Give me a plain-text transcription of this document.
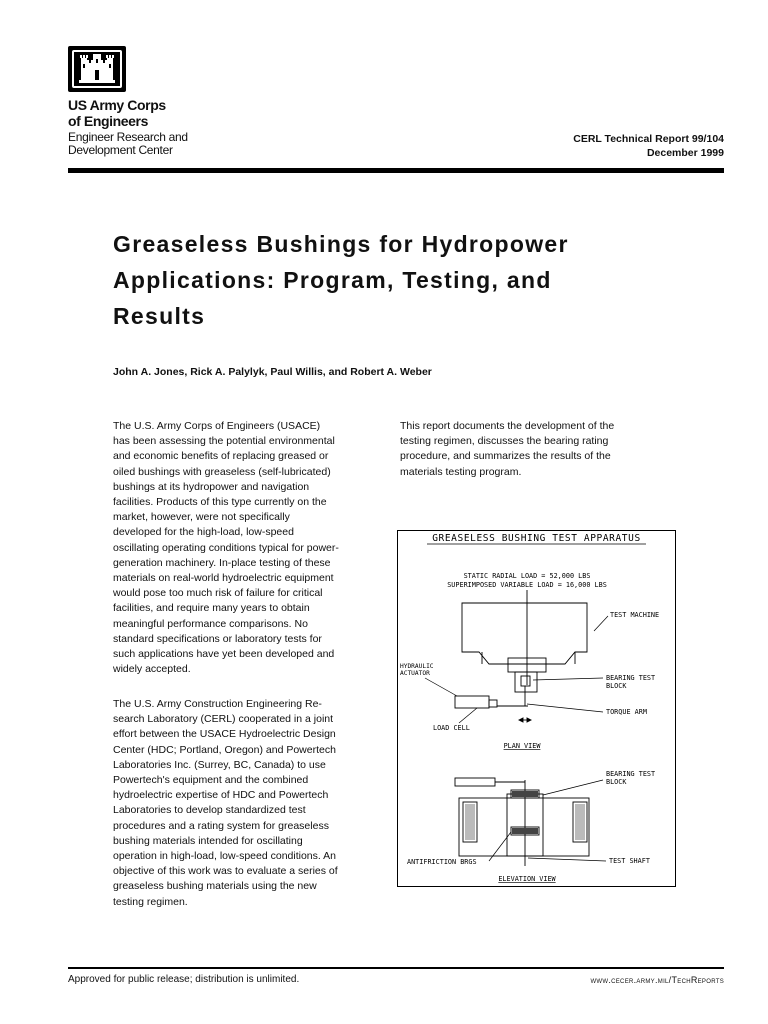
US Army Corps
of Engineers
Engineer Research and
Development Center
CERL Technical Report 99/104
December 1999
Greaseless Bushings for Hydropower
Applications: Program, Testing, and
Results
John A. Jones, Rick A. Palylyk, Paul Willis, and Robert A. Weber
The U.S. Army Corps of Engineers (USACE)
has been assessing the potential environmental
and economic benefits of replacing greased or
oiled bushings with greaseless (self-lubricated)
bushings at its hydropower and navigation
facilities. Products of this type currently on the
market, however, were not specifically
developed for the high-load, low-speed
oscillating operating conditions typical for power-
generation machinery. In-place testing of these
materials on real-world hydroelectric equipment
would pose too much risk of failure for critical
facilities, and require many years to obtain
meaningful performance comparisons. No
standard specifications or laboratory tests for
such applications have yet been developed and
widely accepted.
The U.S. Army Construction Engineering Re-
search Laboratory (CERL) cooperated in a joint
effort between the USACE Hydroelectric Design
Center (HDC; Portland, Oregon) and Powertech
Laboratories Inc. (Surrey, BC, Canada) to use
Powertech's equipment and the combined
hydroelectric expertise of HDC and Powertech
Laboratories to develop standardized test
procedures and a rating system for greaseless
bushing materials intended for oscillating
operation in high-load, low-speed conditions. An
objective of this work was to evaluate a series of
greaseless bushing materials using the new
testing regimen.
This report documents the development of the
testing regimen, discusses the bearing rating
procedure, and summarizes the results of the
materials testing program.
GREASELESS BUSHING TEST APPARATUS
STATIC RADIAL LOAD = 52,000 LBS
SUPERIMPOSED VARIABLE LOAD = 16,000 LBS
TEST MACHINE
HYDRAULIC
ACTUATOR
BEARING TEST
BLOCK
TORQUE ARM
LOAD CELL
PLAN VIEW
BEARING TEST
BLOCK
ANTIFRICTION BRGS	TEST SHAFT
ELEVATION VIEW
Approved for public release; distribution is unlimited.	www.cecer.army.mil/TechReports
